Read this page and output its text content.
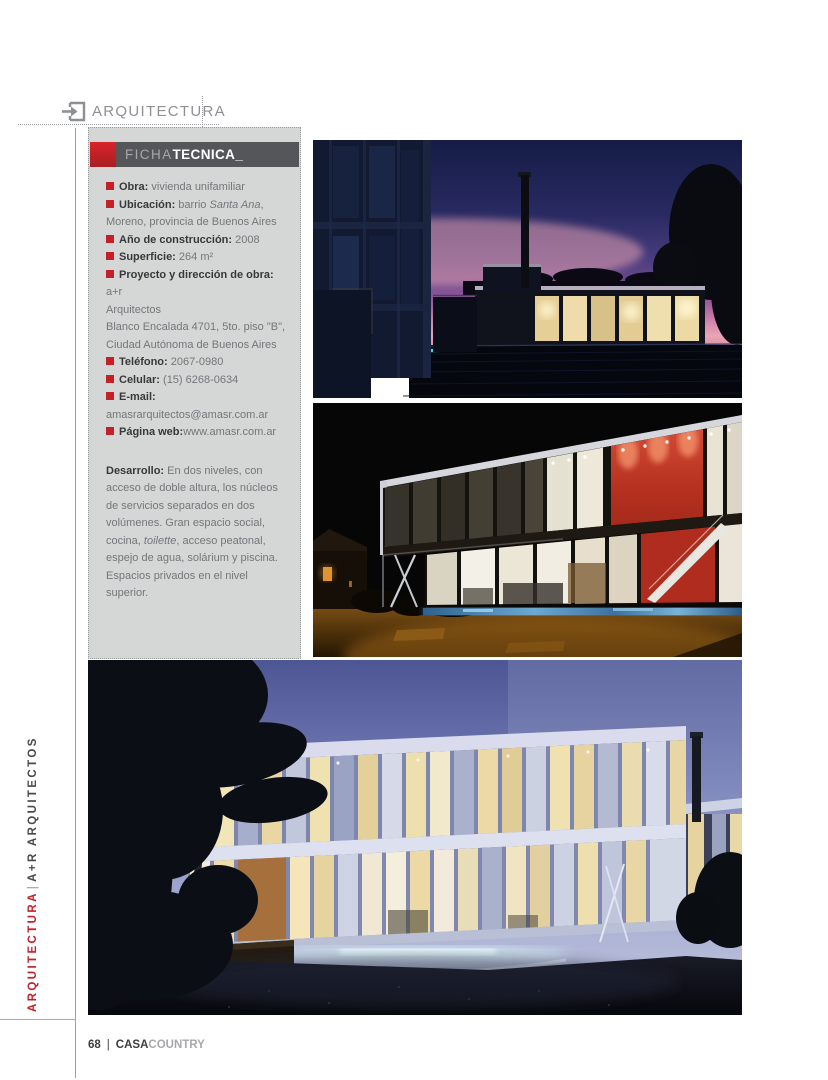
ARQUITECTURA
FICHATECNICA_
Obra: vivienda unifamiliar
Ubicación: barrio Santa Ana, Moreno, provincia de Buenos Aires
Año de construcción: 2008
Superficie: 264 m²
Proyecto y dirección de obra: a+r
Arquitectos
Blanco Encalada 4701, 5to. piso "B",
Ciudad Autónoma de Buenos Aires
Teléfono: 2067-0980
Celular: (15) 6268-0634
E-mail:
amasrarquitectos@amasr.com.ar
Página web:www.amasr.com.ar
Desarrollo: En dos niveles, con acceso de doble altura, los núcleos de servicios separados en dos volúmenes. Gran espacio social, cocina, toilette, acceso peatonal, espejo de agua, solárium y piscina. Espacios privados en el nivel superior.
ARQUITECTURA|A+R ARQUITECTOS
68 | CASACOUNTRY
